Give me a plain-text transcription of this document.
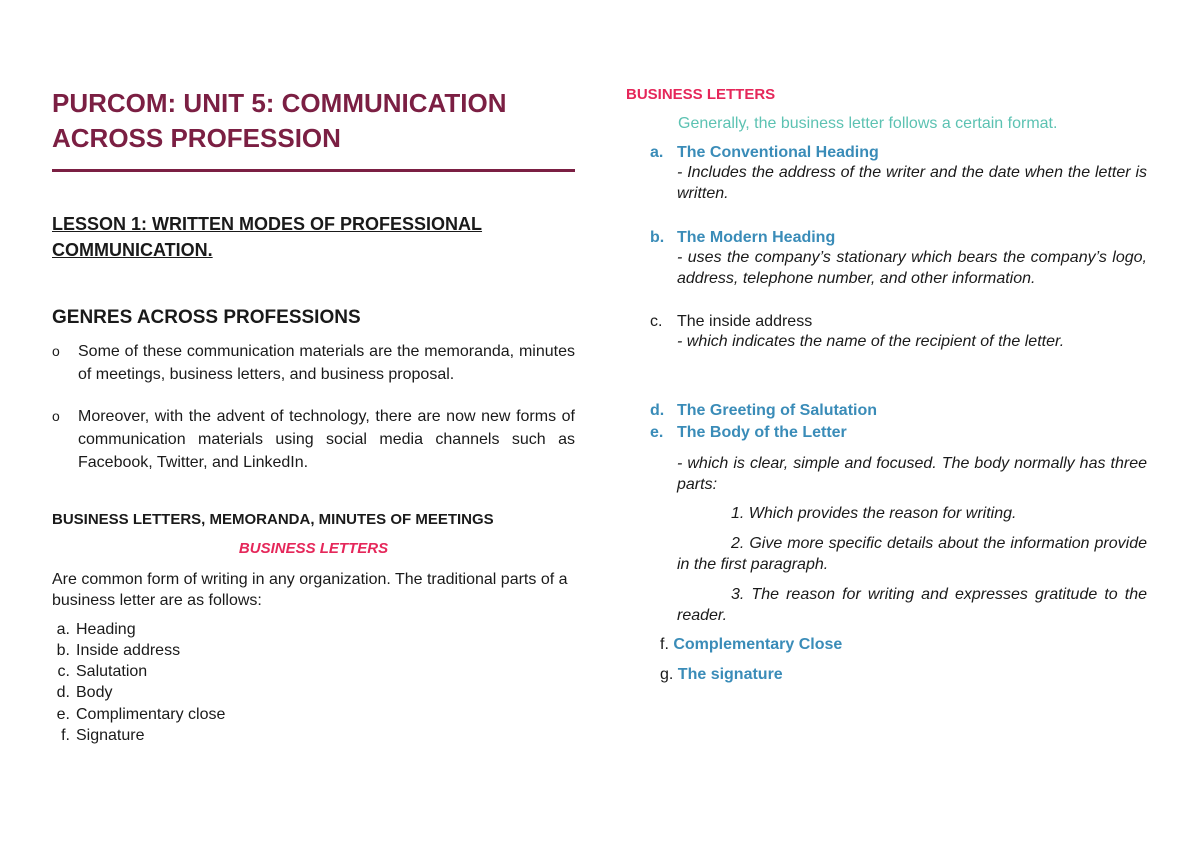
PURCOM: UNIT 5: COMMUNICATION ACROSS PROFESSION
LESSON 1: WRITTEN MODES OF PROFESSIONAL COMMUNICATION.
GENRES ACROSS PROFESSIONS
o Some of these communication materials are the memoranda, minutes of meetings, business letters, and business proposal.
o Moreover, with the advent of technology, there are now new forms of communication materials using social media channels such as Facebook, Twitter, and LinkedIn.
BUSINESS LETTERS, MEMORANDA, MINUTES OF MEETINGS
BUSINESS LETTERS

Are common form of writing in any organization. The traditional parts of a business letter are as follows:

a. Heading
b. Inside address
c. Salutation
d. Body
e. Complimentary close
f. Signature
BUSINESS LETTERS
Generally, the business letter follows a certain format.
a. The Conventional Heading

- Includes the address of the writer and the date when the letter is written.

b. The Modern Heading

- uses the company’s stationary which bears the company’s logo, address, telephone number, and other information.

c. The inside address

- which indicates the name of the recipient of the letter.

d. The Greeting of Salutation
e. The Body of the Letter

- which is clear, simple and focused. The body normally has three parts:

1. Which provides the reason for writing.

2. Give more specific details about the information provide in the first paragraph.

3. The reason for writing and expresses gratitude to the reader.

f. Complementary Close
g. The signature
